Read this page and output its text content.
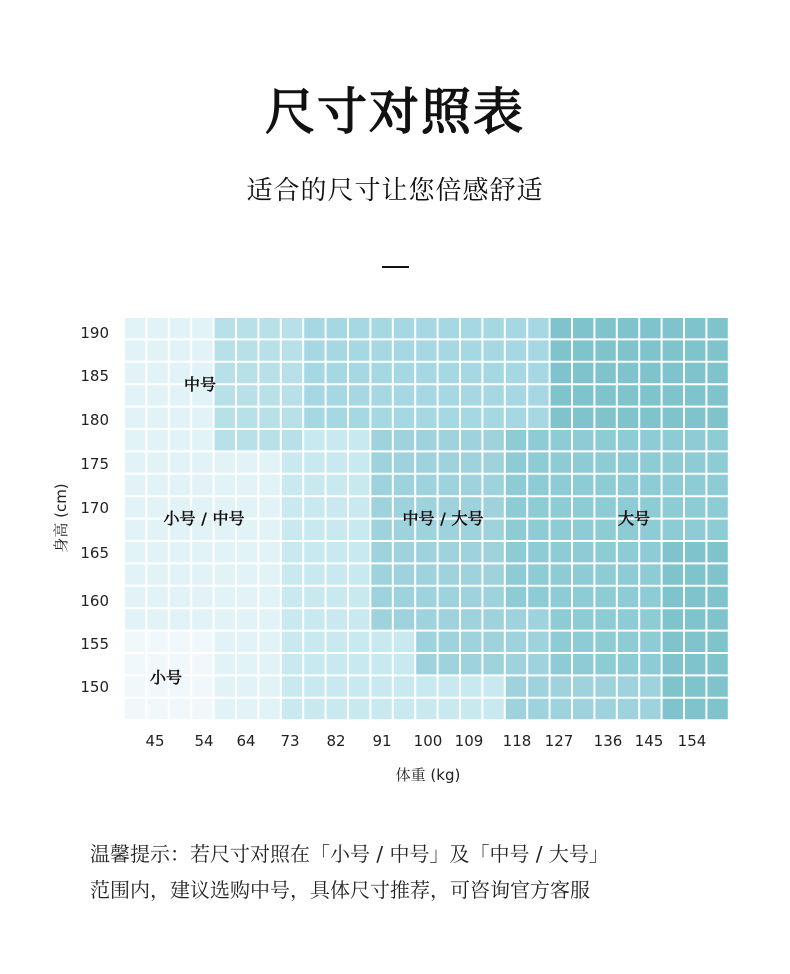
尺寸对照表
适合的尺寸让您倍感舒适
中号
小号 / 中号	中号 / 大号	大号
小号
190
185
180
175
170
165
160
155
150
45 54 64 73 82 91 100 109 118 127 136 145 154
体重 (kg)
身高 (cm)
温馨提示：若尺寸对照在「小号 / 中号」及「中号 / 大号」
范围内，建议选购中号，具体尺寸推荐，可咨询官方客服
